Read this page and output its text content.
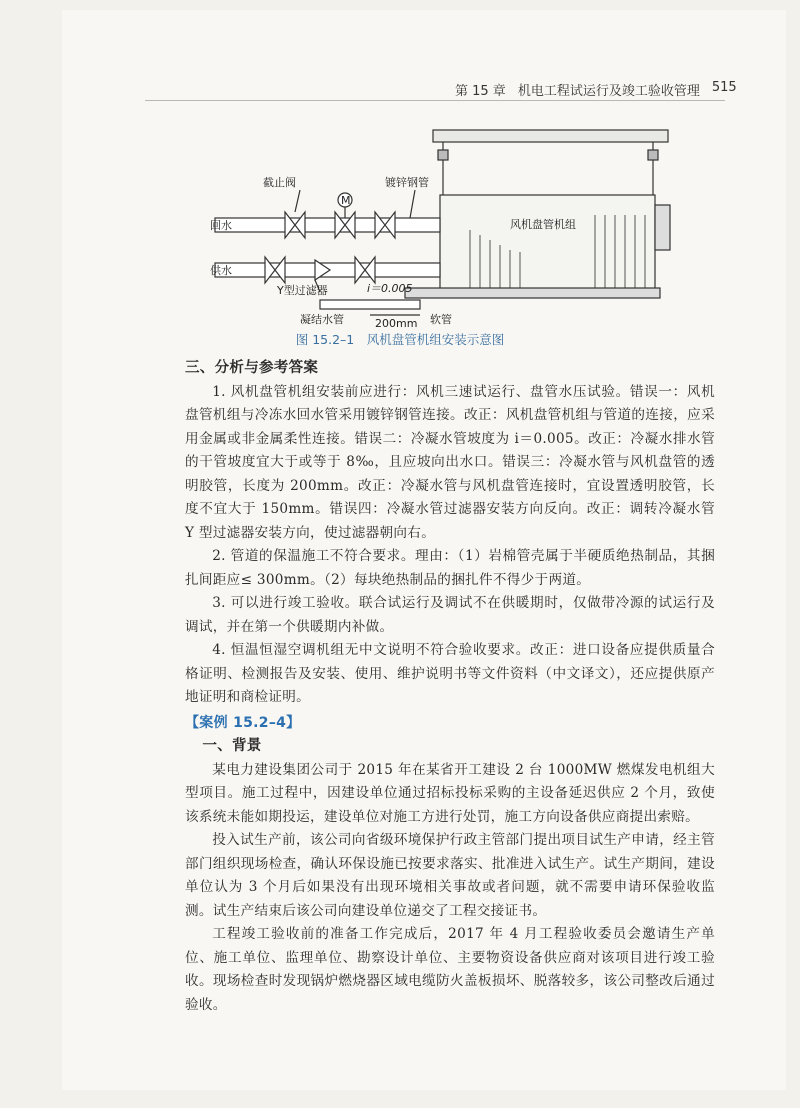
第 15 章 机电工程试运行及竣工验收管理 515
截止阀	镀锌钢管
M
回水
供水
Y型过滤器	i＝0.005
200mm
凝结水管	软管
风机盘管机组
图 15.2–1　风机盘管机组安装示意图

三、分析与参考答案

1. 风机盘管机组安装前应进行：风机三速试运行、盘管水压试验。错误一：风机盘管机组与冷冻水回水管采用镀锌钢管连接。改正：风机盘管机组与管道的连接，应采用金属或非金属柔性连接。错误二：冷凝水管坡度为 i＝0.005。改正：冷凝水排水管的干管坡度宜大于或等于 8‰，且应坡向出水口。错误三：冷凝水管与风机盘管的透明胶管，长度为 200mm。改正：冷凝水管与风机盘管连接时，宜设置透明胶管，长度不宜大于 150mm。错误四：冷凝水管过滤器安装方向反向。改正：调转冷凝水管 Y 型过滤器安装方向，使过滤器朝向右。

2. 管道的保温施工不符合要求。理由：（1）岩棉管壳属于半硬质绝热制品，其捆扎间距应≤ 300mm。（2）每块绝热制品的捆扎件不得少于两道。

3. 可以进行竣工验收。联合试运行及调试不在供暖期时，仅做带冷源的试运行及调试，并在第一个供暖期内补做。

4. 恒温恒湿空调机组无中文说明不符合验收要求。改正：进口设备应提供质量合格证明、检测报告及安装、使用、维护说明书等文件资料（中文译文），还应提供原产地证明和商检证明。

【案例 15.2–4】

一、背景

某电力建设集团公司于 2015 年在某省开工建设 2 台 1000MW 燃煤发电机组大型项目。施工过程中，因建设单位通过招标投标采购的主设备延迟供应 2 个月，致使该系统未能如期投运，建设单位对施工方进行处罚，施工方向设备供应商提出索赔。

投入试生产前，该公司向省级环境保护行政主管部门提出项目试生产申请，经主管部门组织现场检查，确认环保设施已按要求落实、批准进入试生产。试生产期间，建设单位认为 3 个月后如果没有出现环境相关事故或者问题，就不需要申请环保验收监测。试生产结束后该公司向建设单位递交了工程交接证书。

工程竣工验收前的准备工作完成后，2017 年 4 月工程验收委员会邀请生产单位、施工单位、监理单位、勘察设计单位、主要物资设备供应商对该项目进行竣工验收。现场检查时发现锅炉燃烧器区域电缆防火盖板损坏、脱落较多，该公司整改后通过验收。
